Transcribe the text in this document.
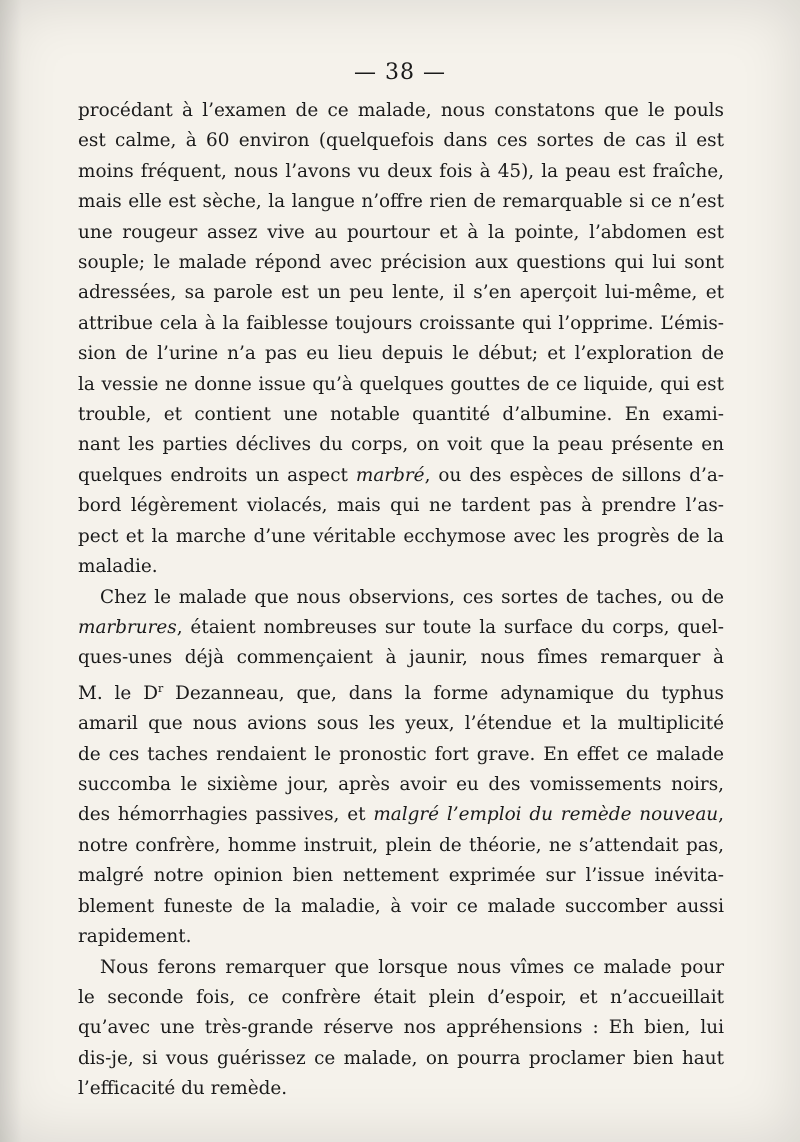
— 38 —
procédant à l’examen de ce malade, nous constatons que le pouls
est calme, à 60 environ (quelquefois dans ces sortes de cas il est
moins fréquent, nous l’avons vu deux fois à 45), la peau est fraîche,
mais elle est sèche, la langue n’offre rien de remarquable si ce n’est
une rougeur assez vive au pourtour et à la pointe, l’abdomen est
souple; le malade répond avec précision aux questions qui lui sont
adressées, sa parole est un peu lente, il s’en aperçoit lui-même, et
attribue cela à la faiblesse toujours croissante qui l’opprime. L’émis-
sion de l’urine n’a pas eu lieu depuis le début; et l’exploration de
la vessie ne donne issue qu’à quelques gouttes de ce liquide, qui est
trouble, et contient une notable quantité d’albumine. En exami-
nant les parties déclives du corps, on voit que la peau présente en
quelques endroits un aspect marbré, ou des espèces de sillons d’a-
bord légèrement violacés, mais qui ne tardent pas à prendre l’as-
pect et la marche d’une véritable ecchymose avec les progrès de la
maladie.
Chez le malade que nous observions, ces sortes de taches, ou de
marbrures, étaient nombreuses sur toute la surface du corps, quel-
ques-unes déjà commençaient à jaunir, nous fîmes remarquer à
M. le $D^r$ Dezanneau, que, dans la forme adynamique du typhus
amaril que nous avions sous les yeux, l’étendue et la multiplicité
de ces taches rendaient le pronostic fort grave. En effet ce malade
succomba le sixième jour, après avoir eu des vomissements noirs,
des hémorrhagies passives, et malgré l’emploi du remède nouveau,
notre confrère, homme instruit, plein de théorie, ne s’attendait pas,
malgré notre opinion bien nettement exprimée sur l’issue inévita-
blement funeste de la maladie, à voir ce malade succomber aussi
rapidement.
Nous ferons remarquer que lorsque nous vîmes ce malade pour
le seconde fois, ce confrère était plein d’espoir, et n’accueillait
qu’avec une très-grande réserve nos appréhensions : Eh bien, lui
dis-je, si vous guérissez ce malade, on pourra proclamer bien haut
l’efficacité du remède.
